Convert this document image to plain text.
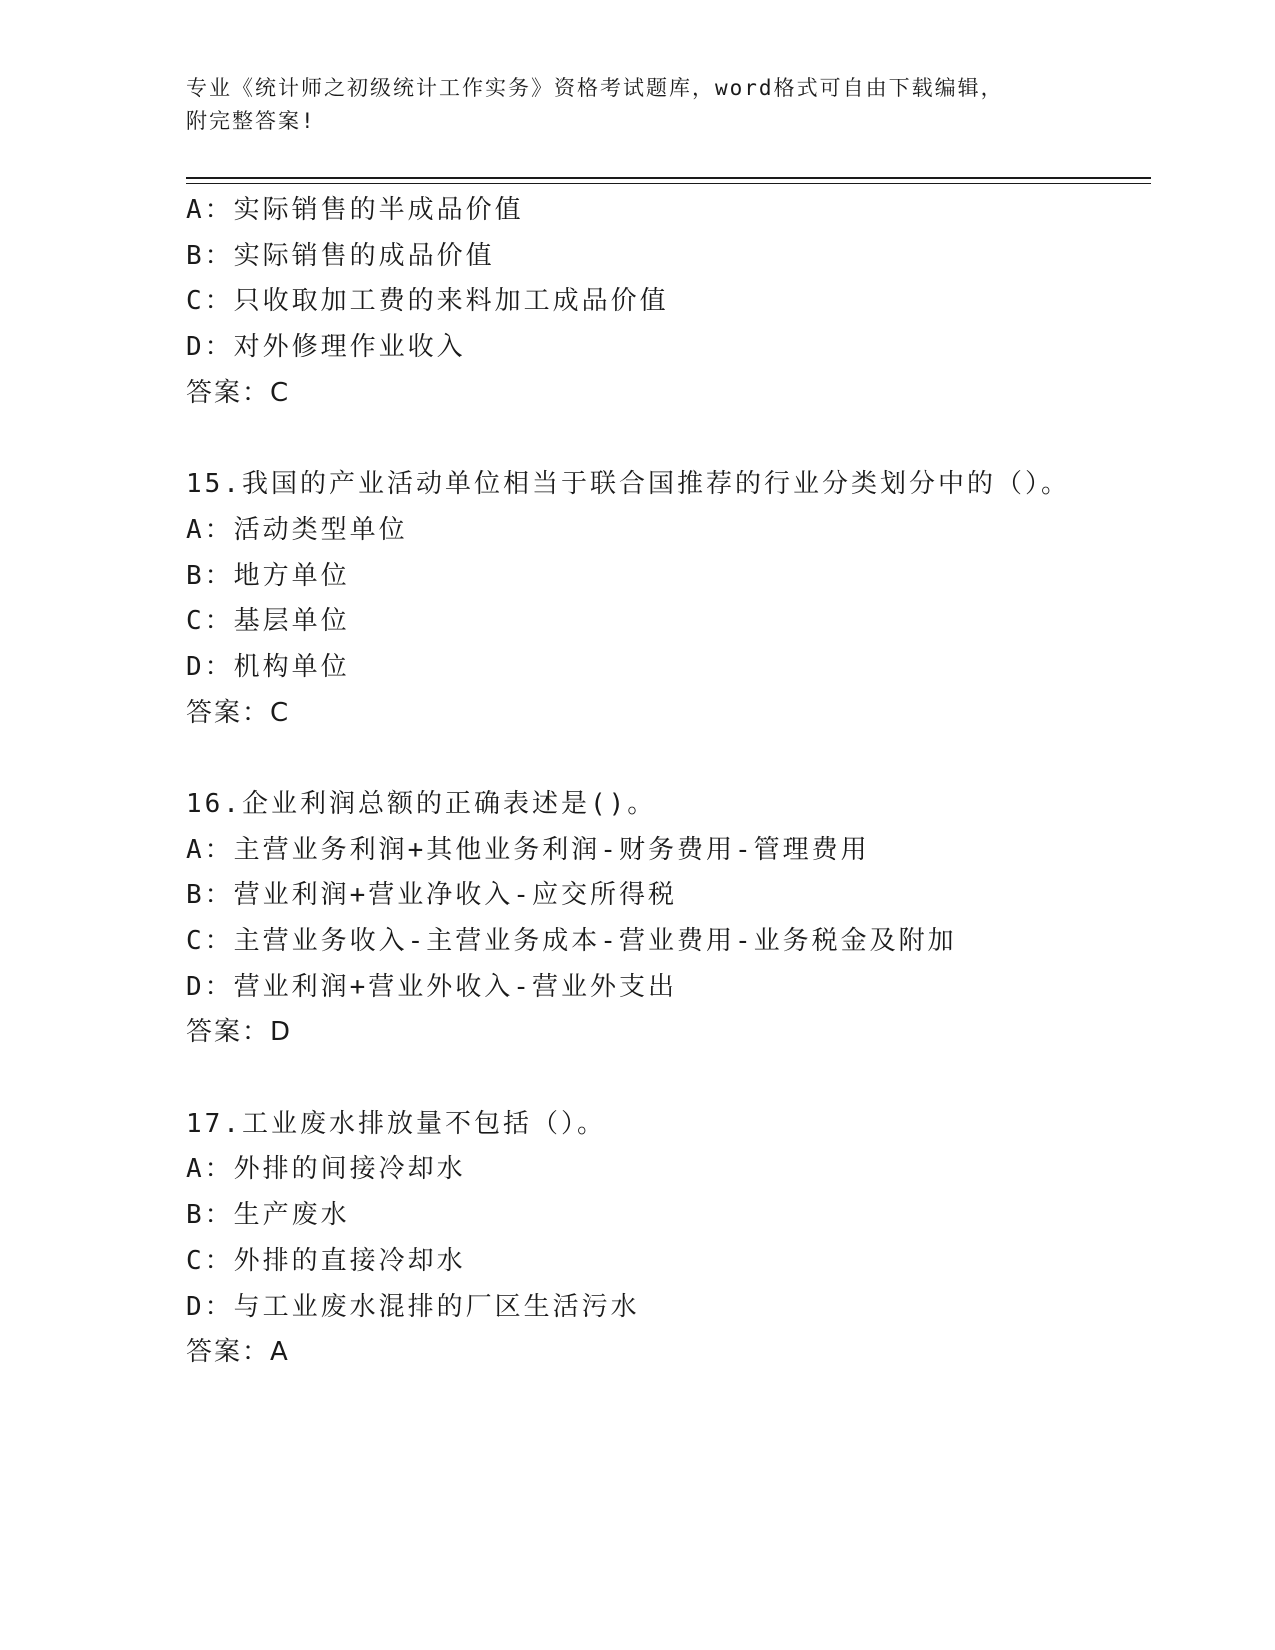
专业《统计师之初级统计工作实务》资格考试题库，word格式可自由下载编辑，
附完整答案!
A：实际销售的半成品价值
B：实际销售的成品价值
C：只收取加工费的来料加工成品价值
D：对外修理作业收入
答案：C
15.我国的产业活动单位相当于联合国推荐的行业分类划分中的（）。
A：活动类型单位
B：地方单位
C：基层单位
D：机构单位
答案：C
16.企业利润总额的正确表述是()。
A：主营业务利润+其他业务利润-财务费用-管理费用
B：营业利润+营业净收入-应交所得税
C：主营业务收入-主营业务成本-营业费用-业务税金及附加
D：营业利润+营业外收入-营业外支出
答案：D
17.工业废水排放量不包括（）。
A：外排的间接冷却水
B：生产废水
C：外排的直接冷却水
D：与工业废水混排的厂区生活污水
答案：A
